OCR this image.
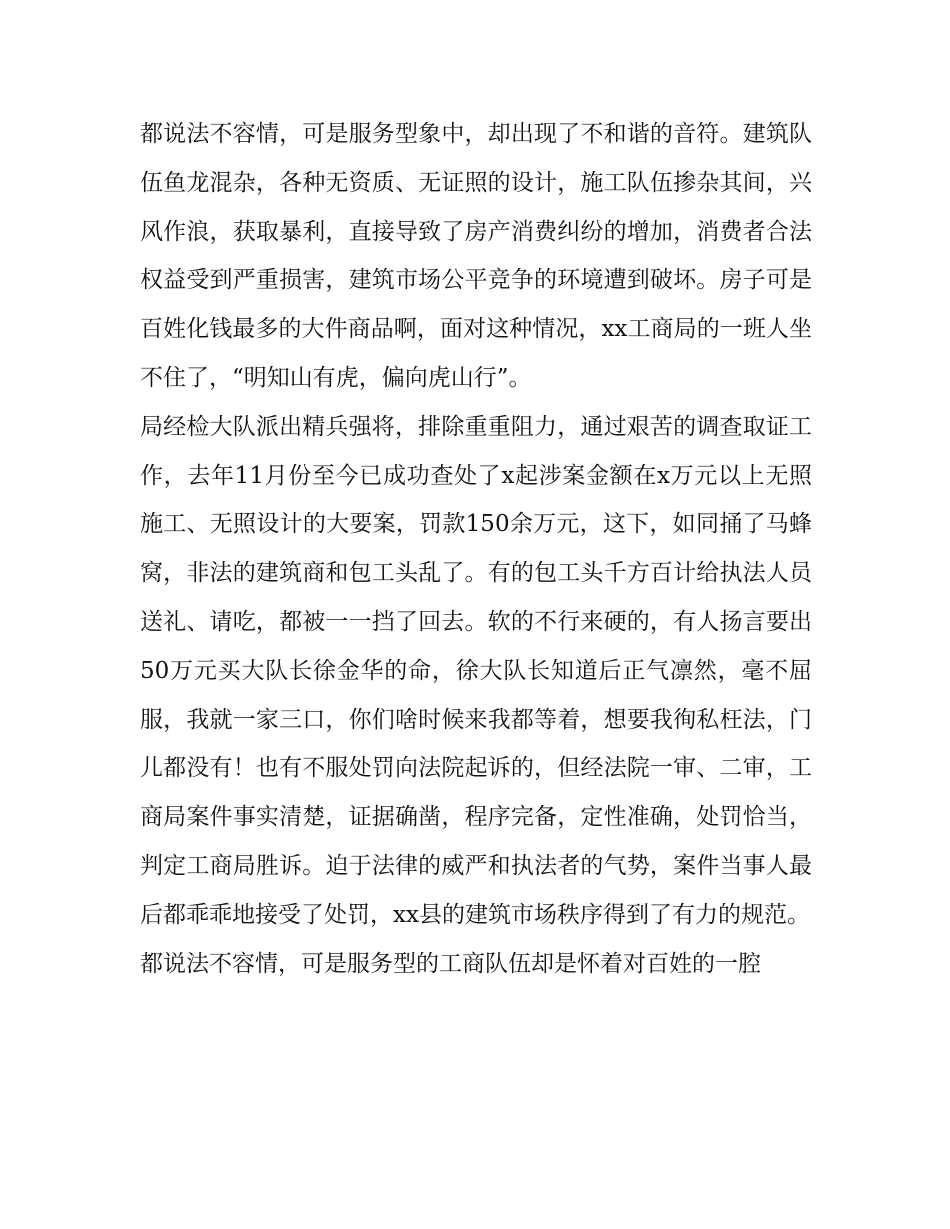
都说法不容情，可是服务型象中，却出现了不和谐的音符。建筑队伍鱼龙混杂，各种无资质、无证照的设计，施工队伍掺杂其间，兴风作浪，获取暴利，直接导致了房产消费纠纷的增加，消费者合法权益受到严重损害，建筑市场公平竞争的环境遭到破坏。房子可是百姓化钱最多的大件商品啊，面对这种情况，xx工商局的一班人坐不住了，“明知山有虎，偏向虎山行”。

局经检大队派出精兵强将，排除重重阻力，通过艰苦的调查取证工作，去年11月份至今已成功查处了x起涉案金额在x万元以上无照施工、无照设计的大要案，罚款150余万元，这下，如同捅了马蜂窝，非法的建筑商和包工头乱了。有的包工头千方百计给执法人员送礼、请吃，都被一一挡了回去。软的不行来硬的，有人扬言要出50万元买大队长徐金华的命，徐大队长知道后正气凛然，毫不屈服，我就一家三口，你们啥时候来我都等着，想要我徇私枉法，门儿都没有！也有不服处罚向法院起诉的，但经法院一审、二审，工商局案件事实清楚，证据确凿，程序完备，定性准确，处罚恰当，判定工商局胜诉。迫于法律的威严和执法者的气势，案件当事人最后都乖乖地接受了处罚，xx县的建筑市场秩序得到了有力的规范。

都说法不容情，可是服务型的工商队伍却是怀着对百姓的一腔
